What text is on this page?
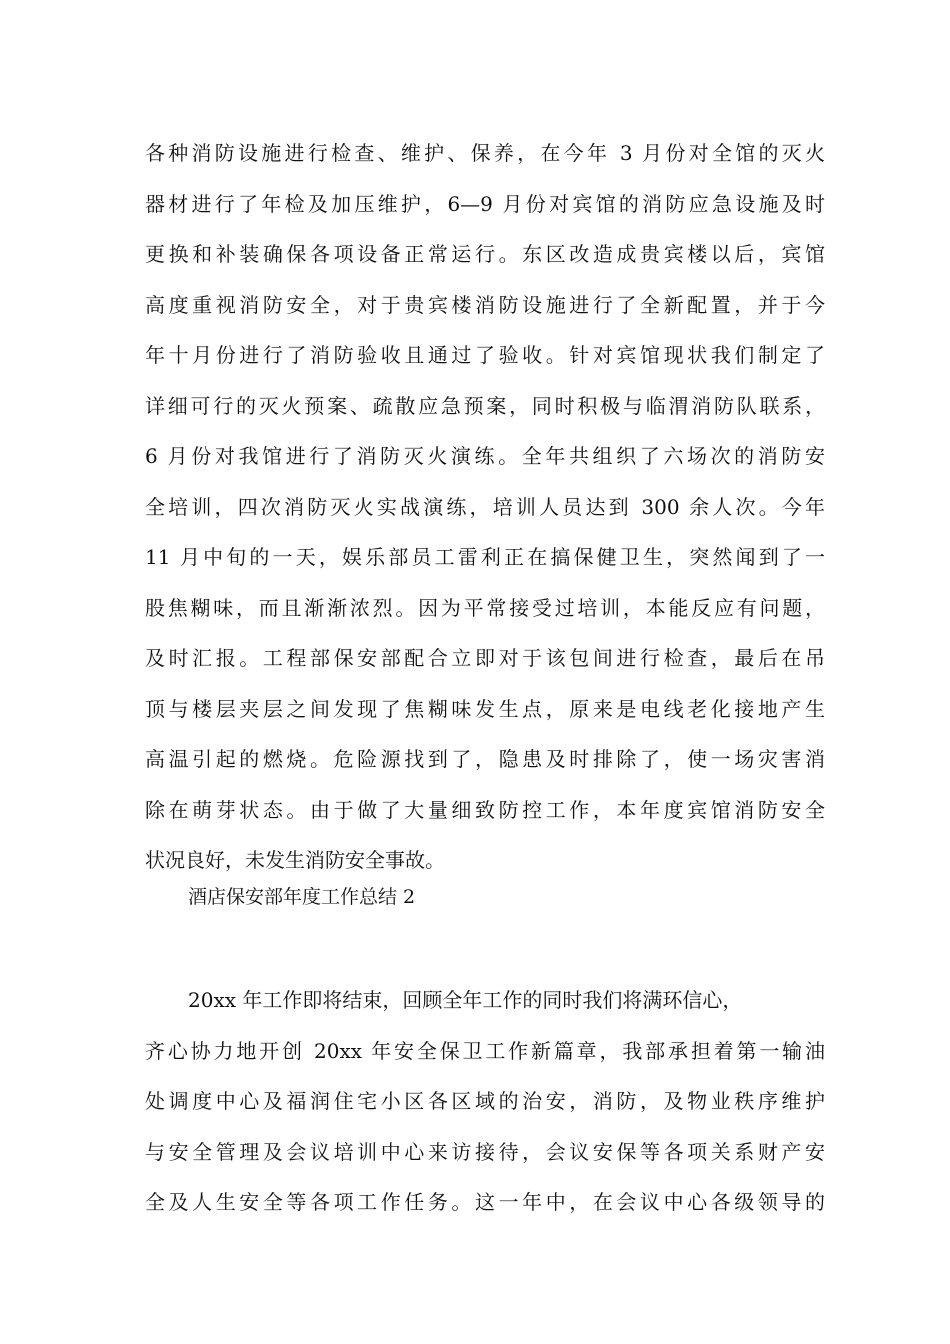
各种消防设施进行检查、维护、保养，在今年 3 月份对全馆的灭火
器材进行了年检及加压维护，6—9 月份对宾馆的消防应急设施及时
更换和补装确保各项设备正常运行。东区改造成贵宾楼以后，宾馆
高度重视消防安全，对于贵宾楼消防设施进行了全新配置，并于今
年十月份进行了消防验收且通过了验收。针对宾馆现状我们制定了
详细可行的灭火预案、疏散应急预案，同时积极与临渭消防队联系，
6 月份对我馆进行了消防灭火演练。全年共组织了六场次的消防安
全培训，四次消防灭火实战演练，培训人员达到 300 余人次。今年
11 月中旬的一天，娱乐部员工雷利正在搞保健卫生，突然闻到了一
股焦糊味，而且渐渐浓烈。因为平常接受过培训，本能反应有问题，
及时汇报。工程部保安部配合立即对于该包间进行检查，最后在吊
顶与楼层夹层之间发现了焦糊味发生点，原来是电线老化接地产生
高温引起的燃烧。危险源找到了，隐患及时排除了，使一场灾害消
除在萌芽状态。由于做了大量细致防控工作，本年度宾馆消防安全
状况良好，未发生消防安全事故。
酒店保安部年度工作总结 2
20xx 年工作即将结束，回顾全年工作的同时我们将满环信心，
齐心协力地开创 20xx 年安全保卫工作新篇章，我部承担着第一输油
处调度中心及福润住宅小区各区域的治安，消防，及物业秩序维护
与安全管理及会议培训中心来访接待，会议安保等各项关系财产安
全及人生安全等各项工作任务。这一年中，在会议中心各级领导的
